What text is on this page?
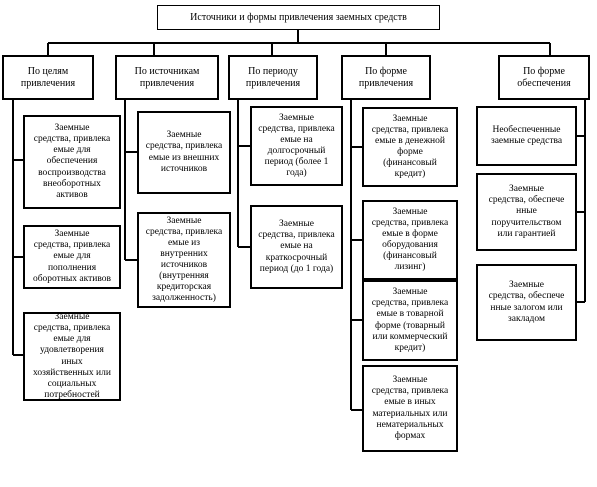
Источники и формы привлечения заемных средств
По целям
привлечения
По источникам
привлечения
По периоду
привлечения
По форме
привлечения
По форме
обеспечения
Заемные
средства, привлека
емые для
обеспечения
воспроизводства
внеоборотных
активов
Заемные
средства, привлека
емые для
пополнения
оборотных активов
Заемные
средства, привлека
емые для
удовлетворения
иных
хозяйственных или
социальных
потребностей
Заемные
средства, привлека
емые из внешних
источников
Заемные
средства, привлека
емые из
внутренних
источников
(внутренняя
кредиторская
задолженность)
Заемные
средства, привлека
емые на
долгосрочный
период (более 1
года)
Заемные
средства, привлека
емые на
краткосрочный
период (до 1 года)
Заемные
средства, привлека
емые в денежной
форме
(финансовый
кредит)
Заемные
средства, привлека
емые в форме
оборудования
(финансовый
лизинг)
Заемные
средства, привлека
емые в товарной
форме (товарный
или коммерческий
кредит)
Заемные
средства, привлека
емые в иных
материальных или
нематериальных
формах
Необеспеченные
заемные средства
Заемные
средства, обеспече
нные
поручительством
или гарантией
Заемные
средства, обеспече
нные залогом или
закладом
